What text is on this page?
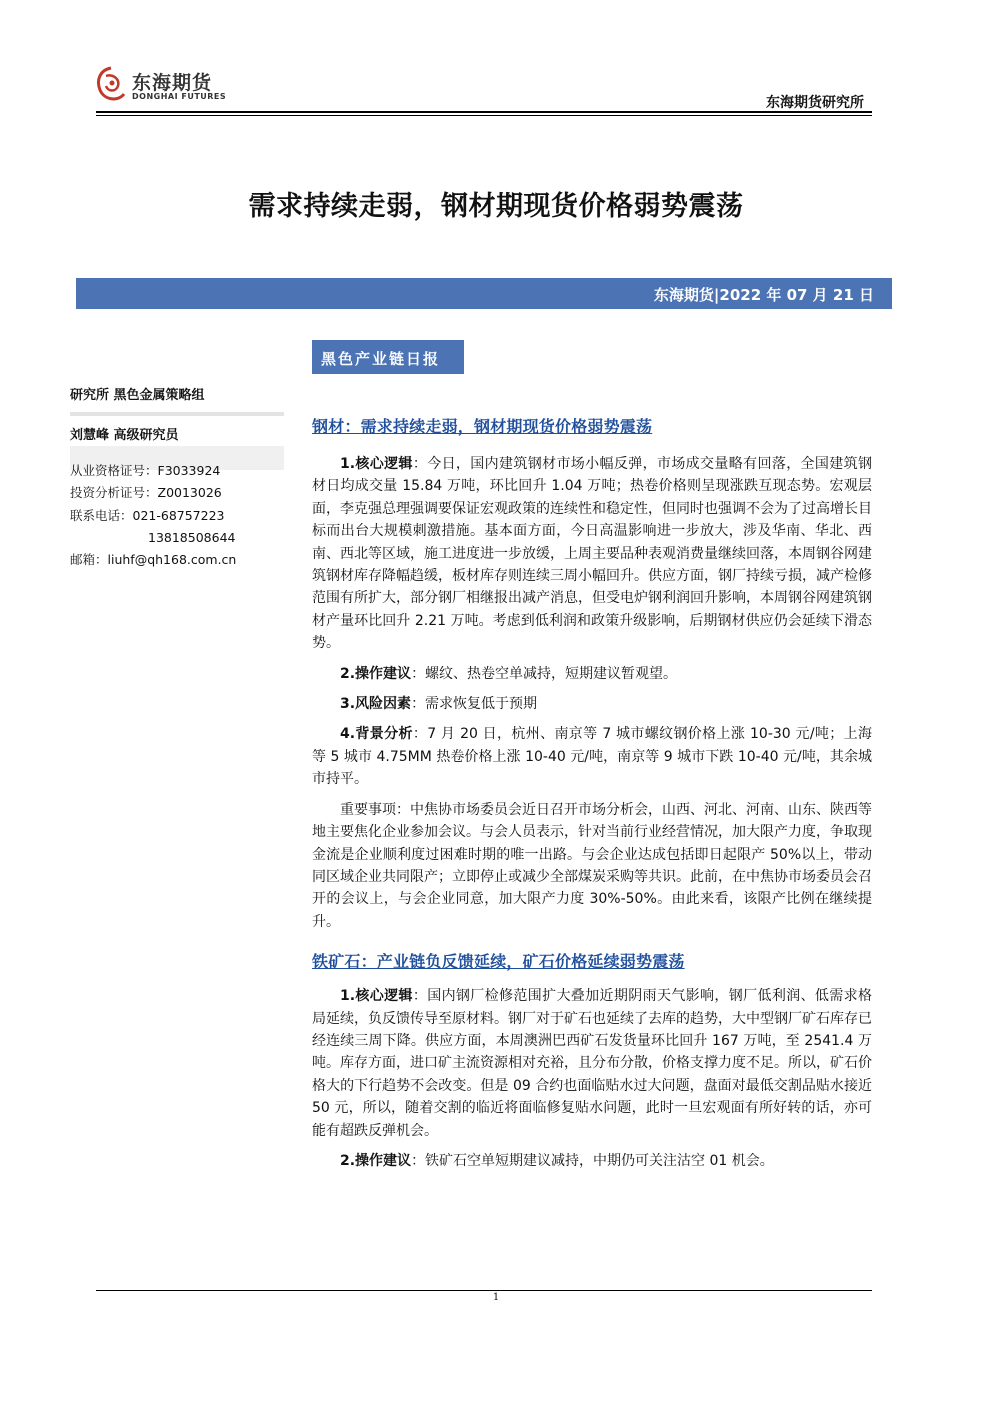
东海期货
DONGHAI FUTURES	东海期货研究所
需求持续走弱，钢材期现货价格弱势震荡
东海期货|2022 年 07 月 21 日
黑色产业链日报
研究所 黑色金属策略组
刘慧峰 高级研究员
从业资格证号：F3033924
投资分析证号：Z0013026
联系电话：021-68757223
13818508644
邮箱：liuhf@qh168.com.cn
钢材：需求持续走弱，钢材期现货价格弱势震荡

1.核心逻辑：今日，国内建筑钢材市场小幅反弹，市场成交量略有回落，全国建筑钢材日均成交量 15.84 万吨，环比回升 1.04 万吨；热卷价格则呈现涨跌互现态势。宏观层面，李克强总理强调要保证宏观政策的连续性和稳定性，但同时也强调不会为了过高增长目标而出台大规模刺激措施。基本面方面，今日高温影响进一步放大，涉及华南、华北、西南、西北等区域，施工进度进一步放缓，上周主要品种表观消费量继续回落，本周钢谷网建筑钢材库存降幅趋缓，板材库存则连续三周小幅回升。供应方面，钢厂持续亏损，减产检修范围有所扩大，部分钢厂相继报出减产消息，但受电炉钢利润回升影响，本周钢谷网建筑钢材产量环比回升 2.21 万吨。考虑到低利润和政策升级影响，后期钢材供应仍会延续下滑态势。

2.操作建议：螺纹、热卷空单减持，短期建议暂观望。

3.风险因素：需求恢复低于预期

4.背景分析：7 月 20 日，杭州、南京等 7 城市螺纹钢价格上涨 10-30 元/吨；上海等 5 城市 4.75MM 热卷价格上涨 10-40 元/吨，南京等 9 城市下跌 10-40 元/吨，其余城市持平。

重要事项：中焦协市场委员会近日召开市场分析会，山西、河北、河南、山东、陕西等地主要焦化企业参加会议。与会人员表示，针对当前行业经营情况，加大限产力度，争取现金流是企业顺利度过困难时期的唯一出路。与会企业达成包括即日起限产 50%以上，带动同区域企业共同限产；立即停止或减少全部煤炭采购等共识。此前，在中焦协市场委员会召开的会议上，与会企业同意，加大限产力度 30%-50%。由此来看，该限产比例在继续提升。

铁矿石：产业链负反馈延续，矿石价格延续弱势震荡

1.核心逻辑：国内钢厂检修范围扩大叠加近期阴雨天气影响，钢厂低利润、低需求格局延续，负反馈传导至原材料。钢厂对于矿石也延续了去库的趋势，大中型钢厂矿石库存已经连续三周下降。供应方面，本周澳洲巴西矿石发货量环比回升 167 万吨，至 2541.4 万吨。库存方面，进口矿主流资源相对充裕，且分布分散，价格支撑力度不足。所以，矿石价格大的下行趋势不会改变。但是 09 合约也面临贴水过大问题，盘面对最低交割品贴水接近 50 元，所以，随着交割的临近将面临修复贴水问题，此时一旦宏观面有所好转的话，亦可能有超跌反弹机会。

2.操作建议：铁矿石空单短期建议减持，中期仍可关注沽空 01 机会。

1
